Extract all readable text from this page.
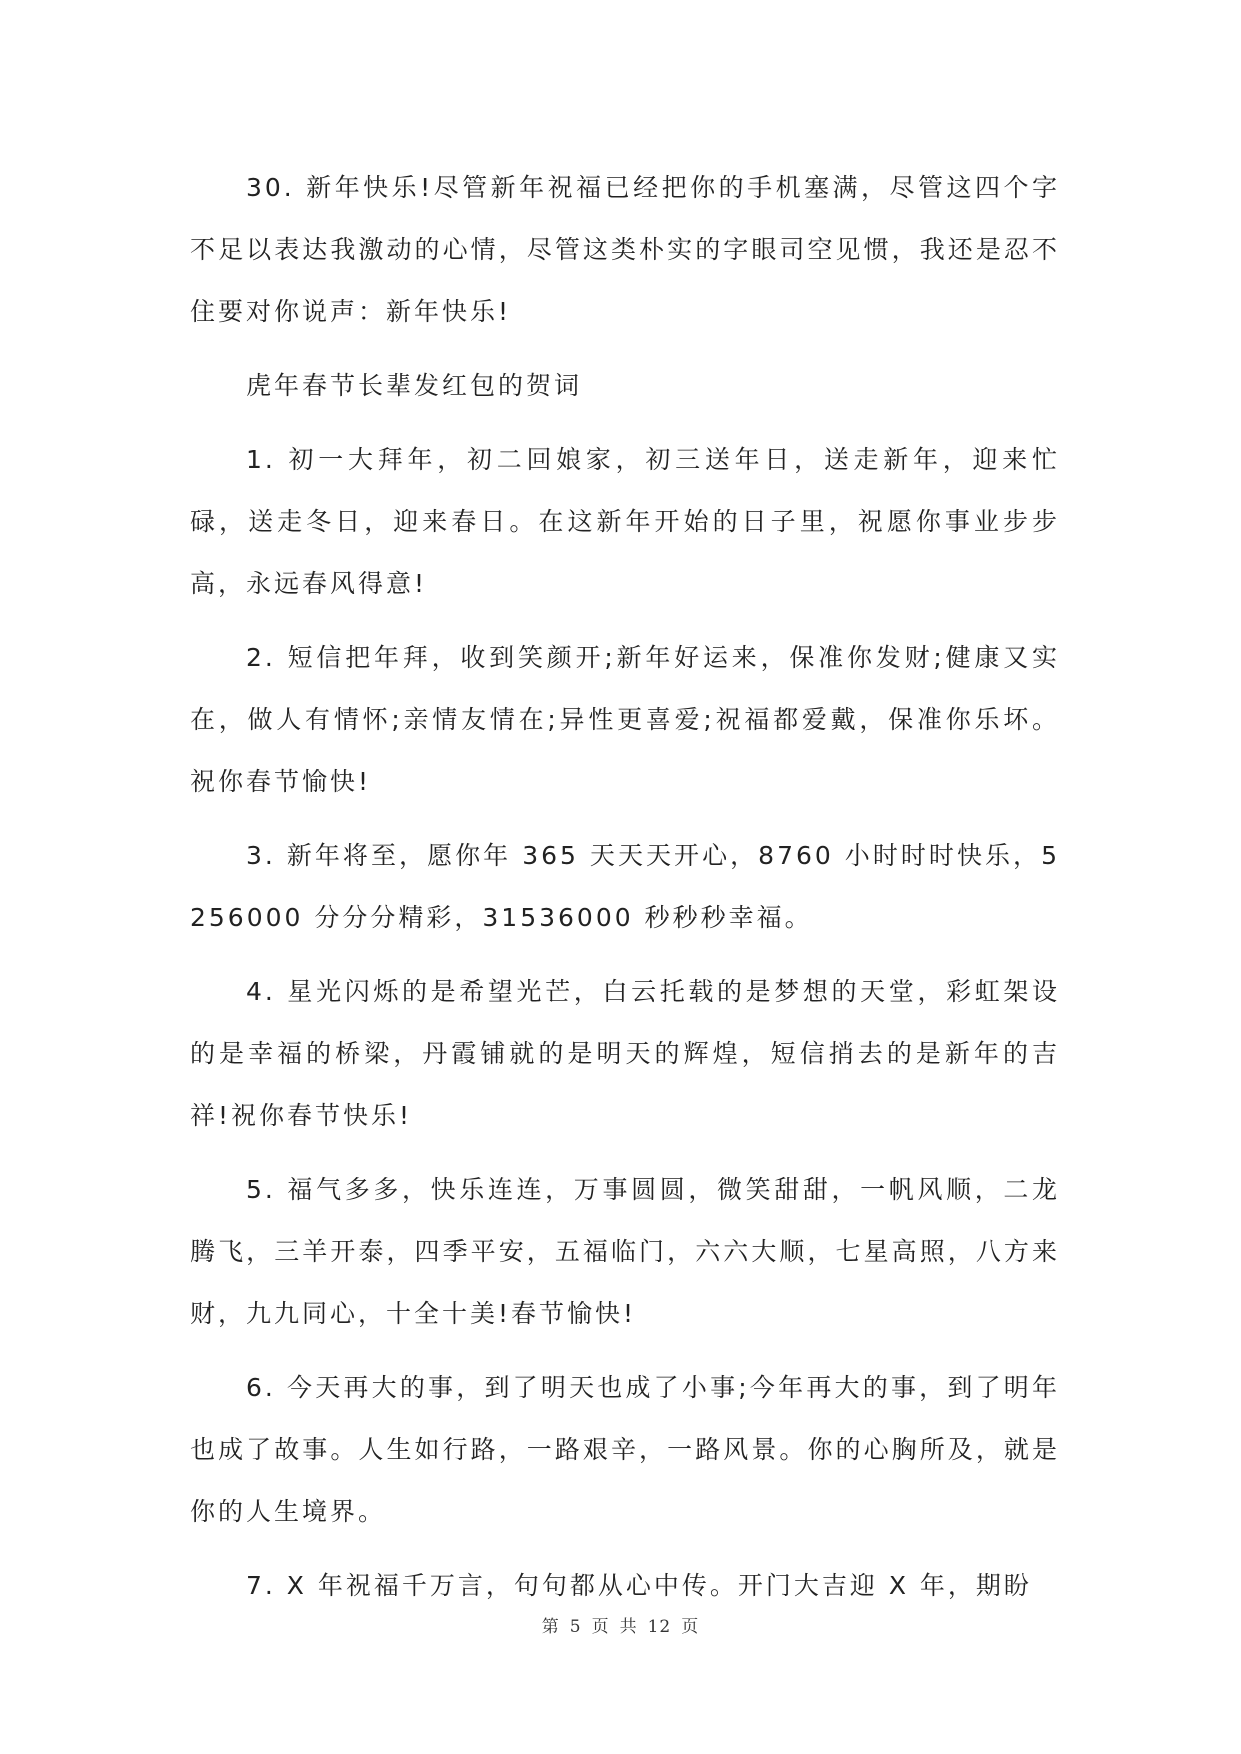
30. 新年快乐!尽管新年祝福已经把你的手机塞满，尽管这四个字不足以表达我激动的心情，尽管这类朴实的字眼司空见惯，我还是忍不住要对你说声：新年快乐!

虎年春节长辈发红包的贺词

1. 初一大拜年，初二回娘家，初三送年日，送走新年，迎来忙碌，送走冬日，迎来春日。在这新年开始的日子里，祝愿你事业步步高，永远春风得意!

2. 短信把年拜，收到笑颜开;新年好运来，保准你发财;健康又实在，做人有情怀;亲情友情在;异性更喜爱;祝福都爱戴，保准你乐坏。祝你春节愉快!

3. 新年将至，愿你年 365 天天天开心，8760 小时时时快乐，5256000 分分分精彩，31536000 秒秒秒幸福。

4. 星光闪烁的是希望光芒，白云托载的是梦想的天堂，彩虹架设的是幸福的桥梁，丹霞铺就的是明天的辉煌，短信捎去的是新年的吉祥!祝你春节快乐!

5. 福气多多，快乐连连，万事圆圆，微笑甜甜，一帆风顺，二龙腾飞，三羊开泰，四季平安，五福临门，六六大顺，七星高照，八方来财，九九同心，十全十美!春节愉快!

6. 今天再大的事，到了明天也成了小事;今年再大的事，到了明年也成了故事。人生如行路，一路艰辛，一路风景。你的心胸所及，就是你的人生境界。

7. X 年祝福千万言，句句都从心中传。开门大吉迎 X 年，期盼

第 5 页 共 12 页
